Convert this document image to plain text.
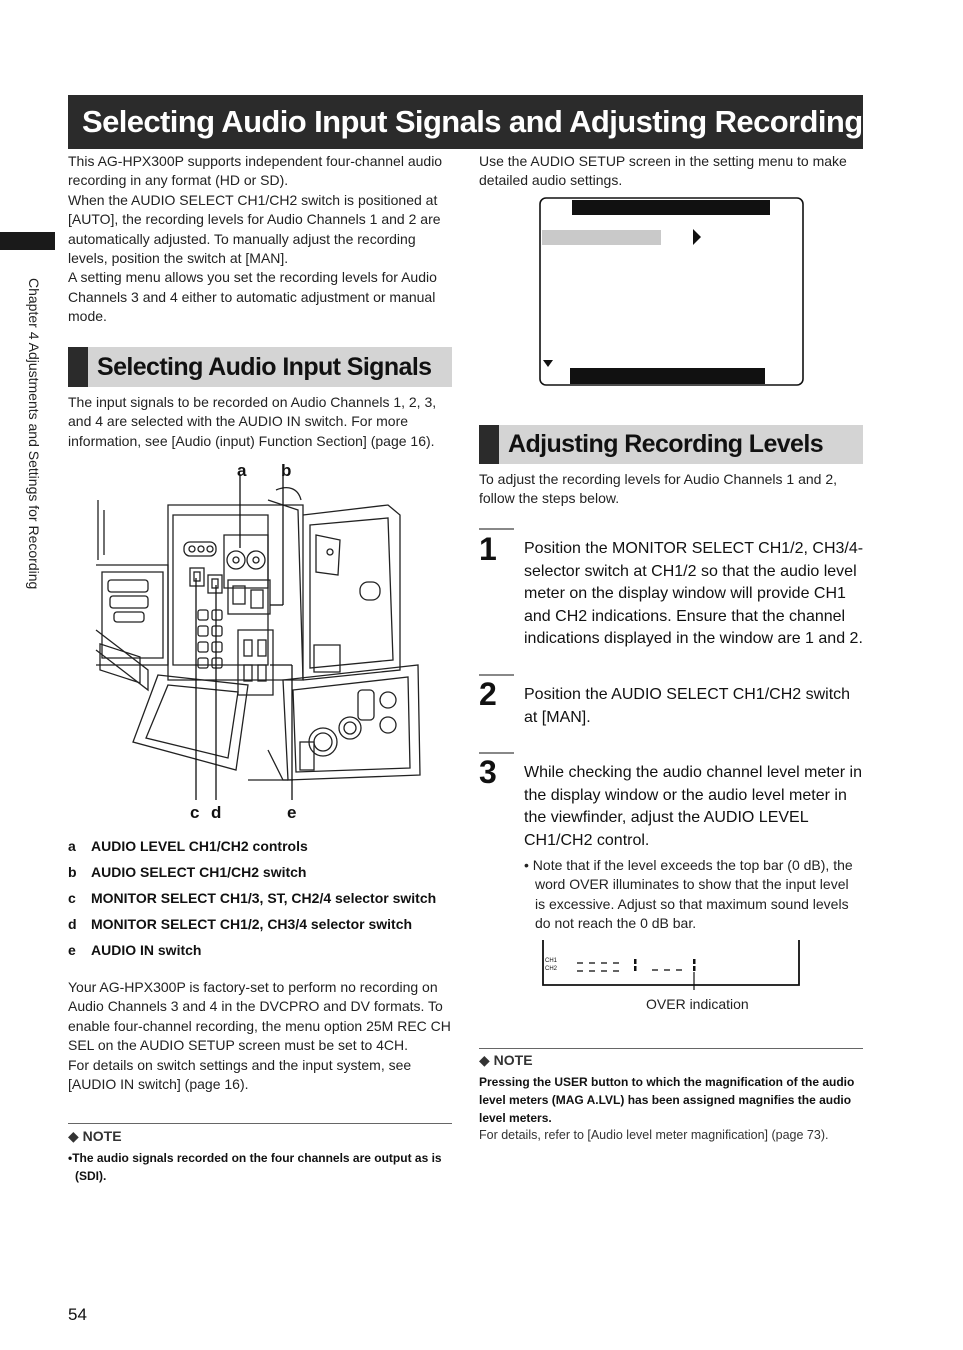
Selecting Audio Input Signals and Adjusting Recording Levels
Chapter 4 Adjustments and Settings for Recording

This AG-HPX300P supports independent four-channel audio recording in any format (HD or SD).

When the AUDIO SELECT CH1/CH2 switch is positioned at [AUTO], the recording levels for Audio Channels 1 and 2 are automatically adjusted. To manually adjust the recording levels, position the switch at [MAN].

A setting menu allows you set the recording levels for Audio Channels 3 and 4 either to automatic adjustment or manual mode.

Selecting Audio Input Signals
The input signals to be recorded on Audio Channels 1, 2, 3, and 4 are selected with the AUDIO IN switch. For more information, see [Audio (input) Function Section] (page 16).
a b
c d	e
a AUDIO LEVEL CH1/CH2 controls
b AUDIO SELECT CH1/CH2 switch
c MONITOR SELECT CH1/3, ST, CH2/4 selector switch
d MONITOR SELECT CH1/2, CH3/4 selector switch
e AUDIO IN switch

Your AG-HPX300P is factory-set to perform no recording on Audio Channels 3 and 4 in the DVCPRO and DV formats. To enable four-channel recording, the menu option 25M REC CH SEL on the AUDIO SETUP screen must be set to 4CH.

For details on switch settings and the input system, see [AUDIO IN switch] (page 16).

◆ NOTE
•The audio signals recorded on the four channels are output as is (SDI).
Use the AUDIO SETUP screen in the setting menu to make detailed audio settings.
Adjusting Recording Levels
To adjust the recording levels for Audio Channels 1 and 2, follow the steps below.
1 Position the MONITOR SELECT CH1/2, CH3/4-selector switch at CH1/2 so that the audio level meter on the display window will provide CH1 and CH2 indications. Ensure that the channel indications displayed in the window are 1 and 2.
2 Position the AUDIO SELECT CH1/CH2 switch at [MAN].
3 While checking the audio channel level meter in the display window or the audio level meter in the viewfinder, adjust the AUDIO LEVEL CH1/CH2 control.
• Note that if the level exceeds the top bar (0 dB), the word OVER illuminates to show that the input level is excessive. Adjust so that maximum sound levels do not reach the 0 dB bar.
CH1
CH2
OVER indication
◆ NOTE
Pressing the USER button to which the magnification of the audio level meters (MAG A.LVL) has been assigned magnifies the audio level meters.
For details, refer to [Audio level meter magnification] (page 73).
54
